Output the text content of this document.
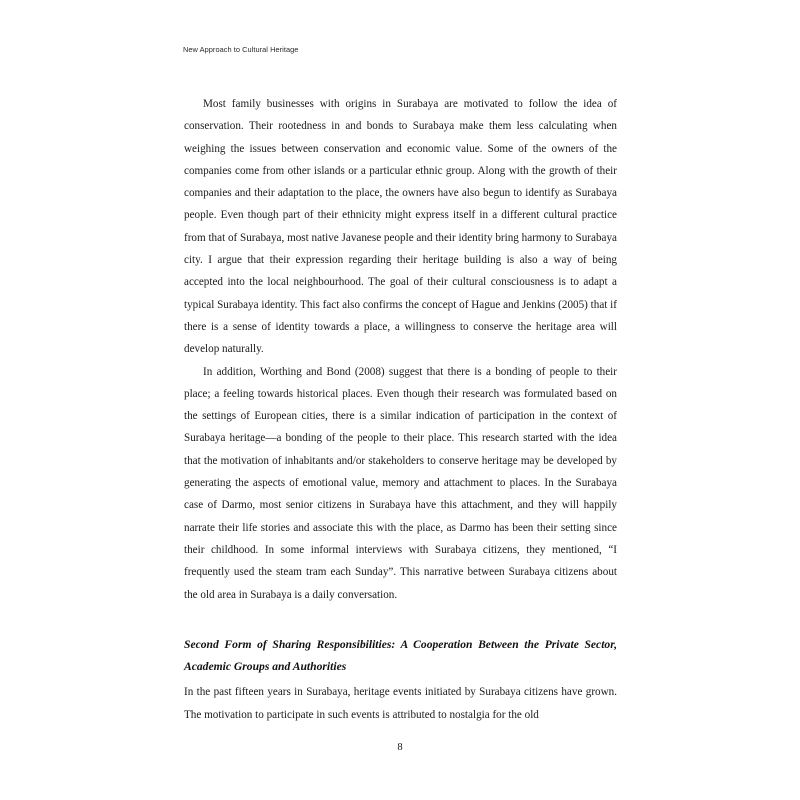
New Approach to Cultural Heritage

Most family businesses with origins in Surabaya are motivated to follow the idea of conservation. Their rootedness in and bonds to Surabaya make them less calculating when weighing the issues between conservation and economic value. Some of the owners of the companies come from other islands or a particular ethnic group. Along with the growth of their companies and their adaptation to the place, the owners have also begun to identify as Surabaya people. Even though part of their ethnicity might express itself in a different cultural practice from that of Surabaya, most native Javanese people and their identity bring harmony to Surabaya city. I argue that their expression regarding their heritage building is also a way of being accepted into the local neighbourhood. The goal of their cultural consciousness is to adapt a typical Surabaya identity. This fact also confirms the concept of Hague and Jenkins (2005) that if there is a sense of identity towards a place, a willingness to conserve the heritage area will develop naturally.

In addition, Worthing and Bond (2008) suggest that there is a bonding of people to their place; a feeling towards historical places. Even though their research was formulated based on the settings of European cities, there is a similar indication of participation in the context of Surabaya heritage—a bonding of the people to their place. This research started with the idea that the motivation of inhabitants and/or stakeholders to conserve heritage may be developed by generating the aspects of emotional value, memory and attachment to places. In the Surabaya case of Darmo, most senior citizens in Surabaya have this attachment, and they will happily narrate their life stories and associate this with the place, as Darmo has been their setting since their childhood. In some informal interviews with Surabaya citizens, they mentioned, “I frequently used the steam tram each Sunday”. This narrative between Surabaya citizens about the old area in Surabaya is a daily conversation.

Second Form of Sharing Responsibilities: A Cooperation Between the Private Sector, Academic Groups and Authorities

In the past fifteen years in Surabaya, heritage events initiated by Surabaya citizens have grown. The motivation to participate in such events is attributed to nostalgia for the old

8
